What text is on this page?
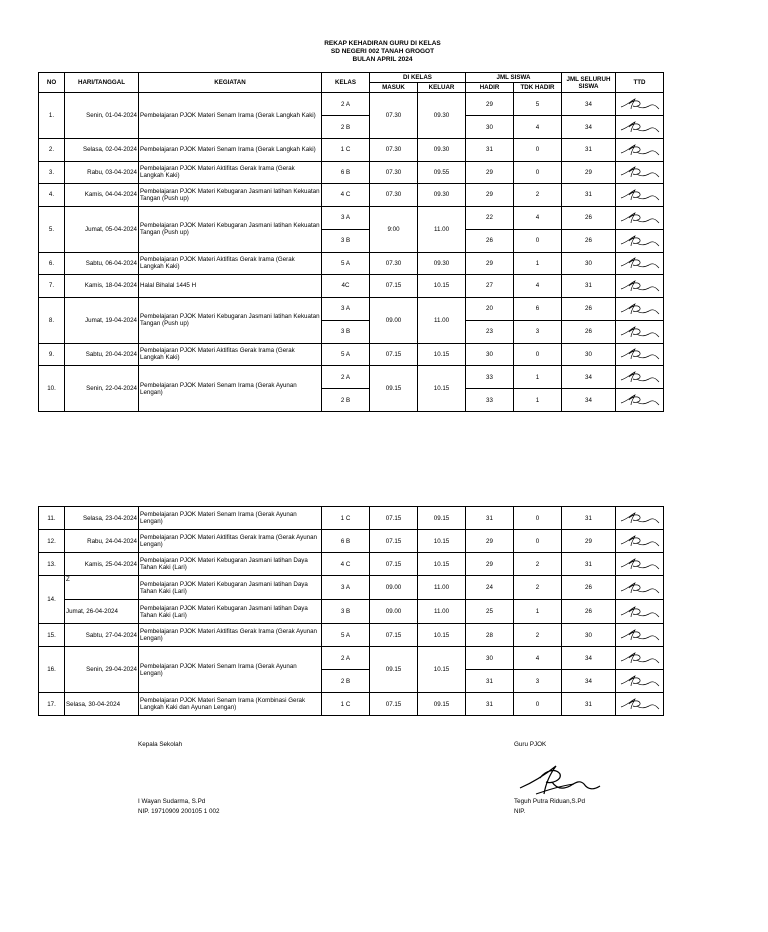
REKAP KEHADIRAN GURU DI KELAS
SD NEGERI 002 TANAH GROGOT
BULAN APRIL 2024
NO	HARI/TANGGAL	KEGIATAN	KELAS	DI KELAS		JML SISWA		JML SELURUH SISWA	TTD
				MASUK	KELUAR	HADIR	TDK HADIR		
1.	Senin, 01-04-2024	Pembelajaran PJOK Materi Senam Irama (Gerak Langkah Kaki)	2 A	07.30	09.30	29	5	34	

			2 B			30	4	34	

2.	Selasa, 02-04-2024	Pembelajaran PJOK Materi Senam Irama (Gerak Langkah Kaki)	1 C	07.30	09.30	31	0	31	

3.	Rabu, 03-04-2024	Pembelajaran PJOK Materi Aktifitas Gerak Irama (Gerak Langkah Kaki)	6 B	07.30	09.55	29	0	29	

4.	Kamis, 04-04-2024	Pembelajaran PJOK Materi Kebugaran Jasmani latihan Kekuatan Tangan (Push up)	4 C	07.30	09.30	29	2	31	

5.	Jumat, 05-04-2024	Pembelajaran PJOK Materi Kebugaran Jasmani latihan Kekuatan Tangan (Push up)	3 A	9:00	11.00	22	4	26	

			3 B			26	0	26	

6.	Sabtu, 06-04-2024	Pembelajaran PJOK Materi Aktifitas Gerak Irama (Gerak Langkah Kaki)	5 A	07.30	09.30	29	1	30	

7.	Kamis, 18-04-2024	Halal Bihalal 1445 H	4C	07.15	10.15	27	4	31	

8.	Jumat, 19-04-2024	Pembelajaran PJOK Materi Kebugaran Jasmani latihan Kekuatan Tangan (Push up)	3 A	09.00	11.00	20	6	26	

			3 B			23	3	26	

9.	Sabtu, 20-04-2024	Pembelajaran PJOK Materi Aktifitas Gerak Irama (Gerak Langkah Kaki)	5 A	07.15	10.15	30	0	30	

10.	Senin, 22-04-2024	Pembelajaran PJOK Materi Senam Irama (Gerak Ayunan Lengan)	2 A	09.15	10.15	33	1	34	

			2 B			33	1	34	
11.	Selasa, 23-04-2024	Pembelajaran PJOK Materi Senam Irama (Gerak Ayunan Lengan)	1 C	07.15	09.15	31	0	31	

12.	Rabu, 24-04-2024	Pembelajaran PJOK Materi Aktifitas Gerak Irama (Gerak Ayunan Lengan)	6 B	07.15	10.15	29	0	29	

13.	Kamis, 25-04-2024	Pembelajaran PJOK Materi Kebugaran Jasmani latihan Daya Tahan Kaki (Lari)	4 C	07.15	10.15	29	2	31	

14.	Z	Pembelajaran PJOK Materi Kebugaran Jasmani latihan Daya Tahan Kaki (Lari)	3 A	09.00	11.00	24	2	26	

	Jumat, 26-04-2024	Pembelajaran PJOK Materi Kebugaran Jasmani latihan Daya Tahan Kaki (Lari)	3 B	09.00	11.00	25	1	26	

15.	Sabtu, 27-04-2024	Pembelajaran PJOK Materi Aktifitas Gerak Irama (Gerak Ayunan Lengan)	5 A	07.15	10.15	28	2	30	

16.	Senin, 29-04-2024	Pembelajaran PJOK Materi Senam Irama (Gerak Ayunan Lengan)	2 A	09.15	10.15	30	4	34	

			2 B			31	3	34	

17.	Selasa, 30-04-2024	Pembelajaran PJOK Materi Senam Irama (Kombinasi Gerak Langkah Kaki dan Ayunan Lengan)	1 C	07.15	09.15	31	0	31	
Kepala Sekolah
I Wayan Sudarma, S.Pd
NIP. 19710909 200105 1 002
Guru PJOK
Teguh Putra Riduan,S.Pd
NIP.
